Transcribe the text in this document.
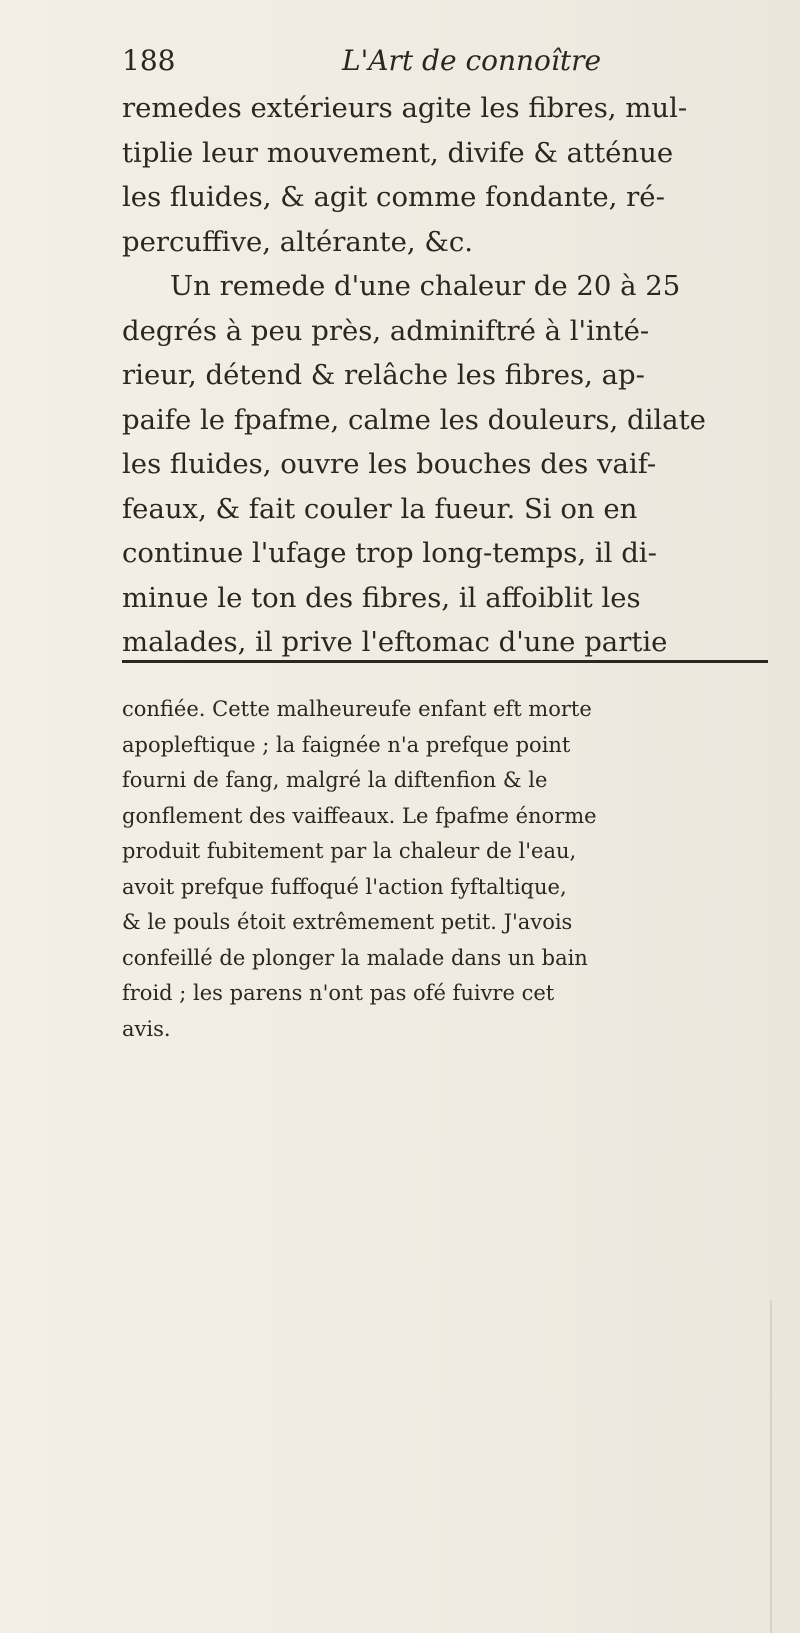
188	L'Art de connoître
remedes extérieurs agite les fibres, mul-
tiplie leur mouvement, divife & atténue
les fluides, & agit comme fondante, ré-
percuffive, altérante, &c.
Un remede d'une chaleur de 20 à 25
degrés à peu près, adminiftré à l'inté-
rieur, détend & relâche les fibres, ap-
paife le fpafme, calme les douleurs, dilate
les fluides, ouvre les bouches des vaif-
feaux, & fait couler la fueur. Si on en
continue l'ufage trop long-temps, il di-
minue le ton des fibres, il affoiblit les
malades, il prive l'eftomac d'une partie
confiée. Cette malheureufe enfant eft morte
apopleftique ; la faignée n'a prefque point
fourni de fang, malgré la diftenfion & le
gonflement des vaiffeaux. Le fpafme énorme
produit fubitement par la chaleur de l'eau,
avoit prefque fuffoqué l'action fyftaltique,
& le pouls étoit extrêmement petit. J'avois
confeillé de plonger la malade dans un bain
froid ; les parens n'ont pas ofé fuivre cet
avis.
